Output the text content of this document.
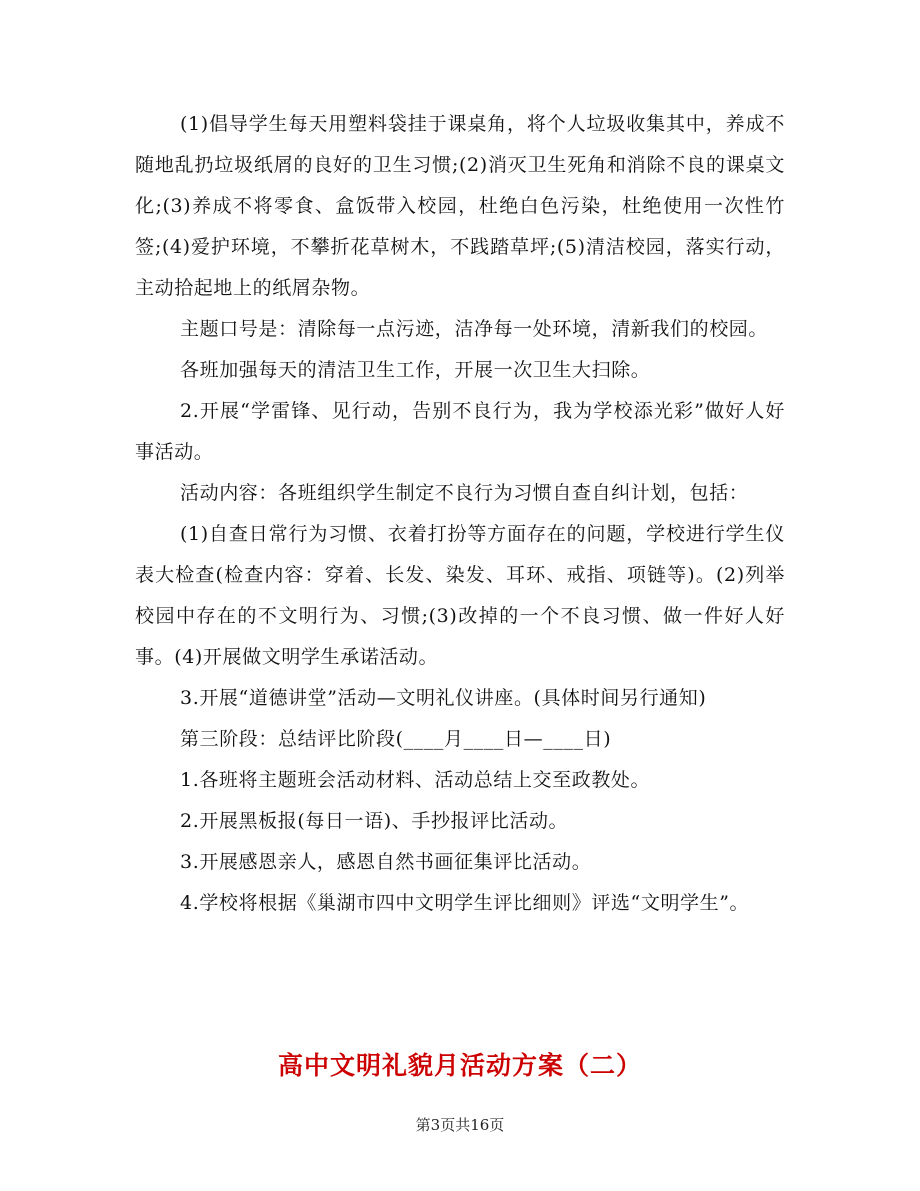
(1)倡导学生每天用塑料袋挂于课桌角，将个人垃圾收集其中，养成不随地乱扔垃圾纸屑的良好的卫生习惯;(2)消灭卫生死角和消除不良的课桌文化;(3)养成不将零食、盒饭带入校园，杜绝白色污染，杜绝使用一次性竹签;(4)爱护环境，不攀折花草树木，不践踏草坪;(5)清洁校园，落实行动，主动拾起地上的纸屑杂物。

主题口号是：清除每一点污迹，洁净每一处环境，清新我们的校园。

各班加强每天的清洁卫生工作，开展一次卫生大扫除。

2.开展“学雷锋、见行动，告别不良行为，我为学校添光彩”做好人好事活动。

活动内容：各班组织学生制定不良行为习惯自查自纠计划，包括：

(1)自查日常行为习惯、衣着打扮等方面存在的问题，学校进行学生仪表大检查(检查内容：穿着、长发、染发、耳环、戒指、项链等)。(2)列举校园中存在的不文明行为、习惯;(3)改掉的一个不良习惯、做一件好人好事。(4)开展做文明学生承诺活动。

3.开展“道德讲堂”活动—文明礼仪讲座。(具体时间另行通知)

第三阶段：总结评比阶段(____月____日—____日)

1.各班将主题班会活动材料、活动总结上交至政教处。

2.开展黑板报(每日一语)、手抄报评比活动。

3.开展感恩亲人，感恩自然书画征集评比活动。

4.学校将根据《巢湖市四中文明学生评比细则》评选“文明学生”。

高中文明礼貌月活动方案（二）
第3页共16页
